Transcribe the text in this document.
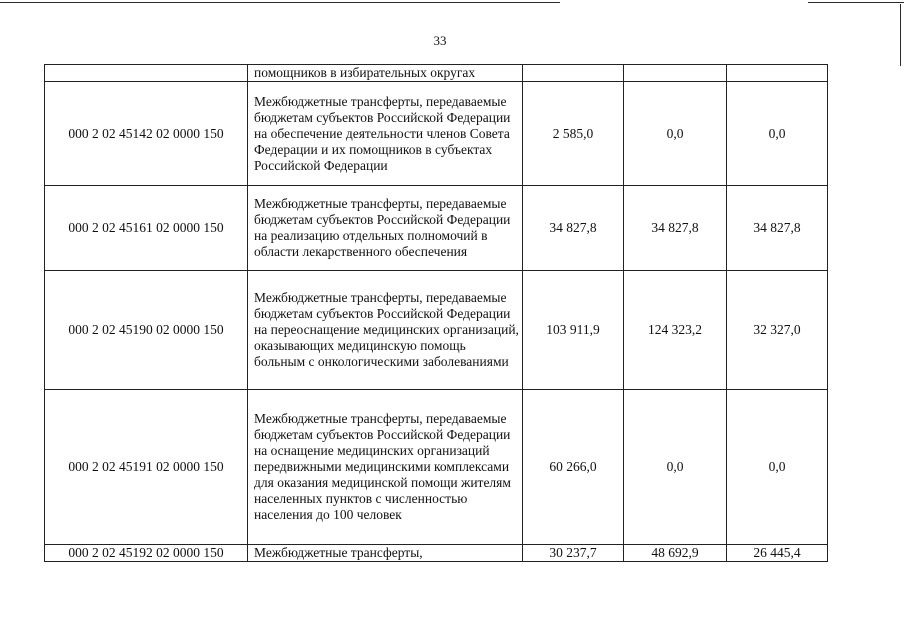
33
	помощников в избирательных округах			
000 2 02 45142 02 0000 150	Межбюджетные трансферты, передаваемые бюджетам субъектов Российской Федерации на обеспечение деятельности членов Совета Федерации и их помощников в субъектах Российской Федерации	2 585,0	0,0	0,0
000 2 02 45161 02 0000 150	Межбюджетные трансферты, передаваемые бюджетам субъектов Российской Федерации на реализацию отдельных полномочий в области лекарственного обеспечения	34 827,8	34 827,8	34 827,8
000 2 02 45190 02 0000 150	Межбюджетные трансферты, передаваемые бюджетам субъектов Российской Федерации на переоснащение медицинских организаций, оказывающих медицинскую помощь больным с онкологическими заболеваниями	103 911,9	124 323,2	32 327,0
000 2 02 45191 02 0000 150	Межбюджетные трансферты, передаваемые бюджетам субъектов Российской Федерации на оснащение медицинских организаций передвижными медицинскими комплексами для оказания медицинской помощи жителям населенных пунктов с численностью населения до 100 человек	60 266,0	0,0	0,0
000 2 02 45192 02 0000 150	Межбюджетные трансферты,	30 237,7	48 692,9	26 445,4
